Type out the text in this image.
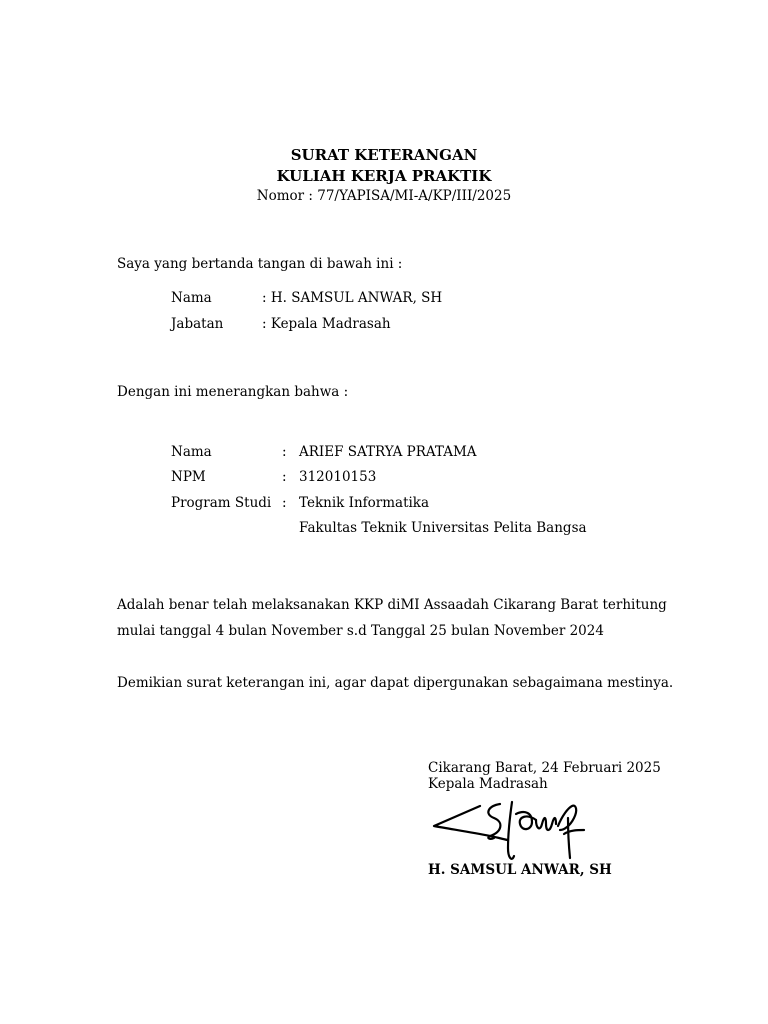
SURAT KETERANGAN
KULIAH KERJA PRAKTIK
Nomor : 77/YAPISA/MI-A/KP/III/2025
Saya yang bertanda tangan di bawah ini :
Nama	: H. SAMSUL ANWAR, SH
Jabatan	: Kepala Madrasah
Dengan ini menerangkan bahwa :
Nama	: ARIEF SATRYA PRATAMA
NPM	: 312010153
Program Studi : Teknik Informatika
Fakultas Teknik Universitas Pelita Bangsa
Adalah benar telah melaksanakan KKP diMI Assaadah Cikarang Barat terhitung
mulai tanggal 4 bulan November s.d Tanggal 25 bulan November 2024
Demikian surat keterangan ini, agar dapat dipergunakan sebagaimana mestinya.
Cikarang Barat, 24 Februari 2025
Kepala Madrasah
H. SAMSUL ANWAR, SH
